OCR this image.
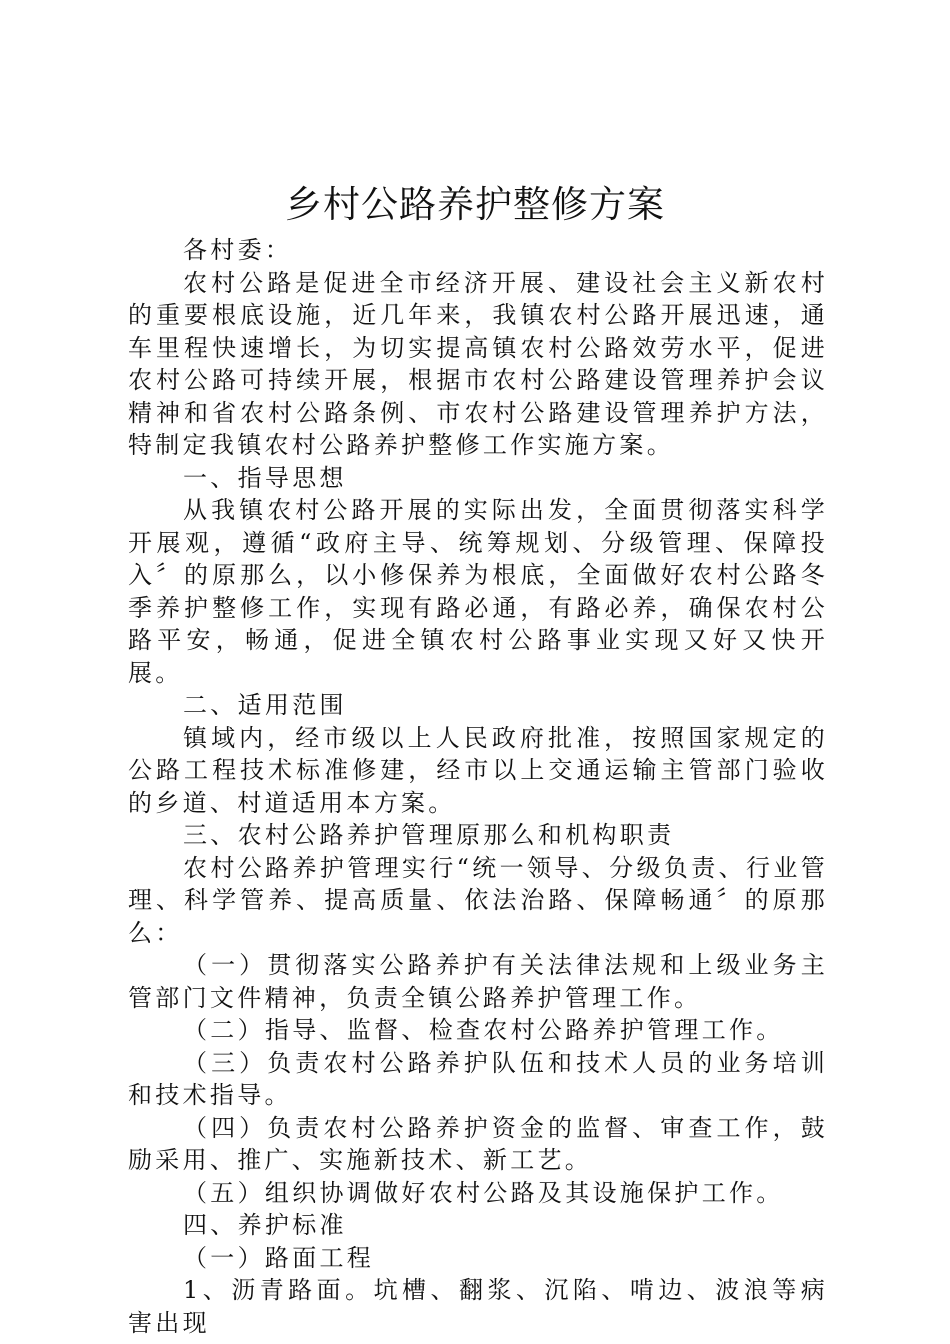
乡村公路养护整修方案

各村委：

农村公路是促进全市经济开展、建设社会主义新农村的重要根底设施，近几年来，我镇农村公路开展迅速，通车里程快速增长，为切实提高镇农村公路效劳水平，促进农村公路可持续开展，根据市农村公路建设管理养护会议精神和省农村公路条例、市农村公路建设管理养护方法，特制定我镇农村公路养护整修工作实施方案。

一、指导思想

从我镇农村公路开展的实际出发，全面贯彻落实科学开展观，遵循“政府主导、统筹规划、分级管理、保障投入〞的原那么，以小修保养为根底，全面做好农村公路冬季养护整修工作，实现有路必通，有路必养，确保农村公路平安，畅通，促进全镇农村公路事业实现又好又快开展。

二、适用范围

镇域内，经市级以上人民政府批准，按照国家规定的公路工程技术标准修建，经市以上交通运输主管部门验收的乡道、村道适用本方案。

三、农村公路养护管理原那么和机构职责

农村公路养护管理实行“统一领导、分级负责、行业管理、科学管养、提高质量、依法治路、保障畅通〞的原那么：

（一）贯彻落实公路养护有关法律法规和上级业务主管部门文件精神，负责全镇公路养护管理工作。

（二）指导、监督、检查农村公路养护管理工作。

（三）负责农村公路养护队伍和技术人员的业务培训和技术指导。

（四）负责农村公路养护资金的监督、审查工作，鼓励采用、推广、实施新技术、新工艺。

（五）组织协调做好农村公路及其设施保护工作。

四、养护标准

（一）路面工程

1、沥青路面。坑槽、翻浆、沉陷、啃边、波浪等病害出现
